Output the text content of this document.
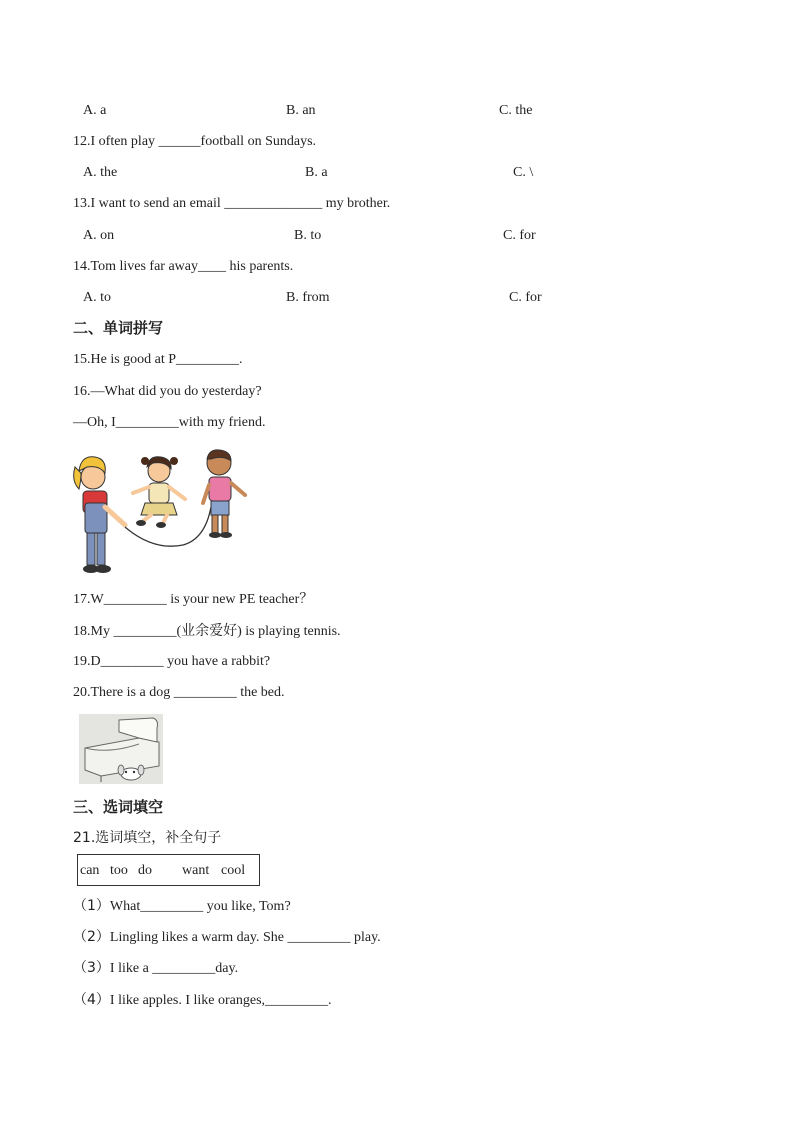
A. a	B. an	C. the
12.I often play ______football on Sundays.
A. the	B. a	C. \
13.I want to send an email ______________ my brother.
A. on	B. to	C. for
14.Tom lives far away____ his parents.
A. to	B. from	C. for
二、单词拼写
15.He is good at P_________.
16.—What did you do yesterday?
—Oh, I_________with my friend.
17.W_________ is your new PE teacher？
18.My _________(业余爱好) is playing tennis.
19.D_________ you have a rabbit?
20.There is a dog _________ the bed.
三、选词填空
21.选词填空，补全句子
can too do want cool
（1）What_________ you like, Tom?
（2）Lingling likes a warm day. She _________ play.
（3）I like a _________day.
（4）I like apples. I like oranges,_________.
